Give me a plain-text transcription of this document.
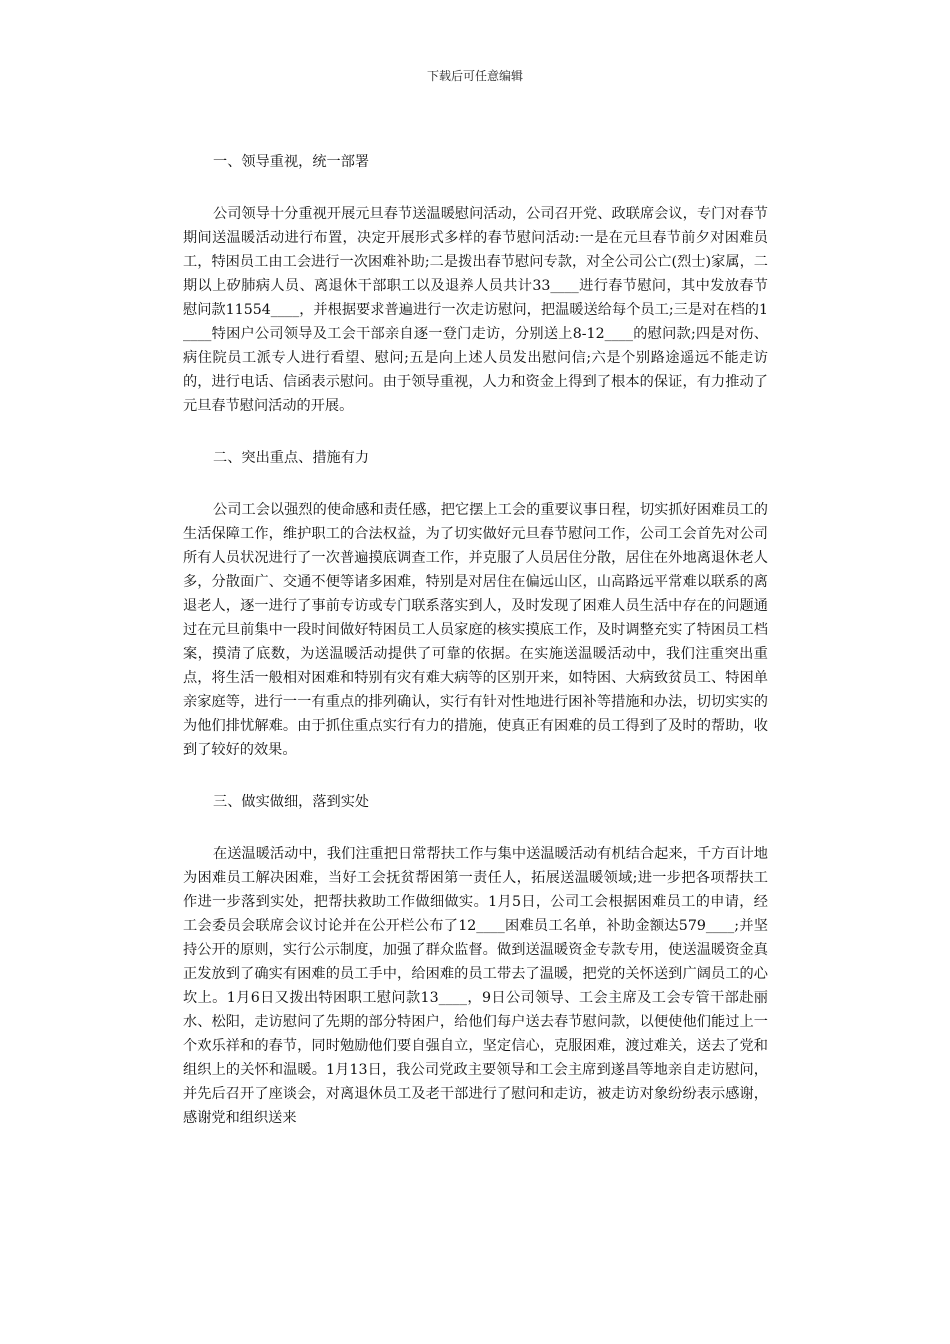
下载后可任意编辑
一、领导重视，统一部署

公司领导十分重视开展元旦春节送温暖慰问活动，公司召开党、政联席会议，专门对春节期间送温暖活动进行布置，决定开展形式多样的春节慰问活动:一是在元旦春节前夕对困难员工，特困员工由工会进行一次困难补助;二是拨出春节慰问专款，对全公司公亡(烈士)家属，二期以上矽肺病人员、离退休干部职工以及退养人员共计33____进行春节慰问，其中发放春节慰问款11554____，并根据要求普遍进行一次走访慰问，把温暖送给每个员工;三是对在档的1____特困户公司领导及工会干部亲自逐一登门走访，分别送上8-12____的慰问款;四是对伤、病住院员工派专人进行看望、慰问;五是向上述人员发出慰问信;六是个别路途遥远不能走访的，进行电话、信函表示慰问。由于领导重视，人力和资金上得到了根本的保证，有力推动了元旦春节慰问活动的开展。

二、突出重点、措施有力

公司工会以强烈的使命感和责任感，把它摆上工会的重要议事日程，切实抓好困难员工的生活保障工作，维护职工的合法权益，为了切实做好元旦春节慰问工作，公司工会首先对公司所有人员状况进行了一次普遍摸底调查工作，并克服了人员居住分散，居住在外地离退休老人多，分散面广、交通不便等诸多困难，特别是对居住在偏远山区，山高路远平常难以联系的离退老人，逐一进行了事前专访或专门联系落实到人，及时发现了困难人员生活中存在的问题通过在元旦前集中一段时间做好特困员工人员家庭的核实摸底工作，及时调整充实了特困员工档案，摸清了底数，为送温暖活动提供了可靠的依据。在实施送温暖活动中，我们注重突出重点，将生活一般相对困难和特别有灾有难大病等的区别开来，如特困、大病致贫员工、特困单亲家庭等，进行一一有重点的排列确认，实行有针对性地进行困补等措施和办法，切切实实的为他们排忧解难。由于抓住重点实行有力的措施，使真正有困难的员工得到了及时的帮助，收到了较好的效果。

三、做实做细，落到实处

在送温暖活动中，我们注重把日常帮扶工作与集中送温暖活动有机结合起来，千方百计地为困难员工解决困难，当好工会抚贫帮困第一责任人，拓展送温暖领域;进一步把各项帮扶工作进一步落到实处，把帮扶救助工作做细做实。1月5日，公司工会根据困难员工的申请，经工会委员会联席会议讨论并在公开栏公布了12____困难员工名单，补助金额达579____;并坚持公开的原则，实行公示制度，加强了群众监督。做到送温暖资金专款专用，使送温暖资金真正发放到了确实有困难的员工手中，给困难的员工带去了温暖，把党的关怀送到广阔员工的心坎上。1月6日又拨出特困职工慰问款13____，9日公司领导、工会主席及工会专管干部赴丽水、松阳，走访慰问了先期的部分特困户，给他们每户送去春节慰问款，以便使他们能过上一个欢乐祥和的春节，同时勉励他们要自强自立，坚定信心，克服困难，渡过难关，送去了党和组织上的关怀和温暖。1月13日，我公司党政主要领导和工会主席到遂昌等地亲自走访慰问，并先后召开了座谈会，对离退休员工及老干部进行了慰问和走访，被走访对象纷纷表示感谢，感谢党和组织送来
